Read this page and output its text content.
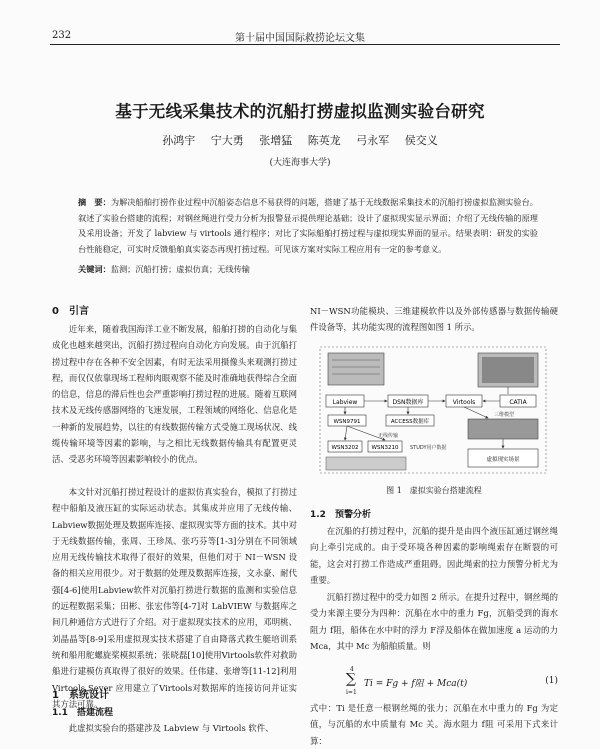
232	第十届中国国际救捞论坛文集
基于无线采集技术的沉船打捞虚拟监测实验台研究
孙鸿宇 宁大勇 张增猛 陈英龙 弓永军 侯交义
(大连海事大学)
摘　要：为解决船舶打捞作业过程中沉船姿态信息不易获得的问题，搭建了基于无线数据采集技术的沉船打捞虚拟监测实验台。叙述了实验台搭建的流程；对钢丝绳进行受力分析为报警显示提供理论基础；设计了虚拟现实显示界面；介绍了无线传输的原理及采用设备；开发了 labview 与 virtools 通行程序；对比了实际船舶打捞过程与虚拟现实界面的显示。结果表明：研发的实验台性能稳定，可实时反馈船舶真实姿态再现打捞过程。可见该方案对实际工程应用有一定的参考意义。
关键词：监测；沉船打捞；虚拟仿真；无线传输
0　引言
近年来，随着我国海洋工业不断发展，船舶打捞的自动化与集成化也越来越突出，沉船打捞过程向自动化方向发展。由于沉船打捞过程中存在各种不安全因素，有时无法采用摄像头来观测打捞过程，而仅仅依靠现场工程师肉眼观察不能及时准确地获得综合全面的信息，信息的滞后性也会严重影响打捞过程的进展。随着互联网技术及无线传感器网络的飞速发展，工程领域的网络化、信息化是一种新的发展趋势，以往的有线数据传输方式受施工现场状况、线缆传输环境等因素的影响，与之相比无线数据传输具有配置更灵活、受恶劣环境等因素影响较小的优点。
本文针对沉船打捞过程设计的虚拟仿真实验台，模拟了打捞过程中船舶及液压缸的实际运动状态。其集成并应用了无线传输、Labview数据处理及数据库连接、虚拟现实等方面的技术。其中对于无线数据传输，张周、王珍凤、张巧芬等[1-3]分别在不同领域应用无线传输技术取得了很好的效果，但他们对于 NI－WSN 设备的相关应用很少。对于数据的处理及数据库连接，文永豪、耐代强[4-6]使用Labview软件对沉船打捞进行数据的监测和实验信息的远程数据采集；田彬、张宏伟等[4-7]对 LabVIEW 与数据库之间几种通信方式进行了介绍。对于虚拟现实技术的应用，邓明桃、刘晶晶等[8-9]采用虚拟现实技术搭建了自由降落式救生艇培训系统和船用舵螺旋桨模拟系统；张晓磊[10]使用Virtools软件对救助船进行建模仿真取得了很好的效果。任伟建、张增等[11-12]利用 Virtools Sever 应用建立了Virtools对数据库的连接访问并证实其方法可靠。
1　系统设计
1.1　搭建流程
此虚拟实验台的搭建涉及 Labview 与 Virtools 软件、
NI－WSN功能模块、三维建模软件以及外部传感器与数据传输硬件设备等，其功能实现的流程图如图 1 所示。
Labview	DSN数据库	Virtools	CATIA
WSN9791	ACCESS数据库
无线传输
WSN3202 WSN3210 STUDY用户数据
三维模型
虚拟现实场景
图 1　虚拟实验台搭建流程
1.2　预警分析
在沉船的打捞过程中，沉船的提升是由四个液压缸通过钢丝绳向上牵引完成的。由于受环境各种因素的影响绳索存在断裂的可能，这会对打捞工作造成严重阻碍。因此绳索的拉力预警分析尤为重要。
沉船打捞过程中的受力如图 2 所示。在提升过程中，钢丝绳的受力来源主要分为四种：沉船在水中的重力 Fg，沉船受到的海水阻力 f阻，船体在水中时的浮力 F浮及船体在做加速度 a 运动的力 Mca，其中 Mc 为船舶质量。则
4
∑
i=1
Ti = Fg + f阻 + Mca(t)	(1)
式中：Ti 是任意一根钢丝绳的张力；沉船在水中重力的 Fg 为定值，与沉船的水中质量有 Mc 关。海水阻力 f阻 可采用下式来计算：
